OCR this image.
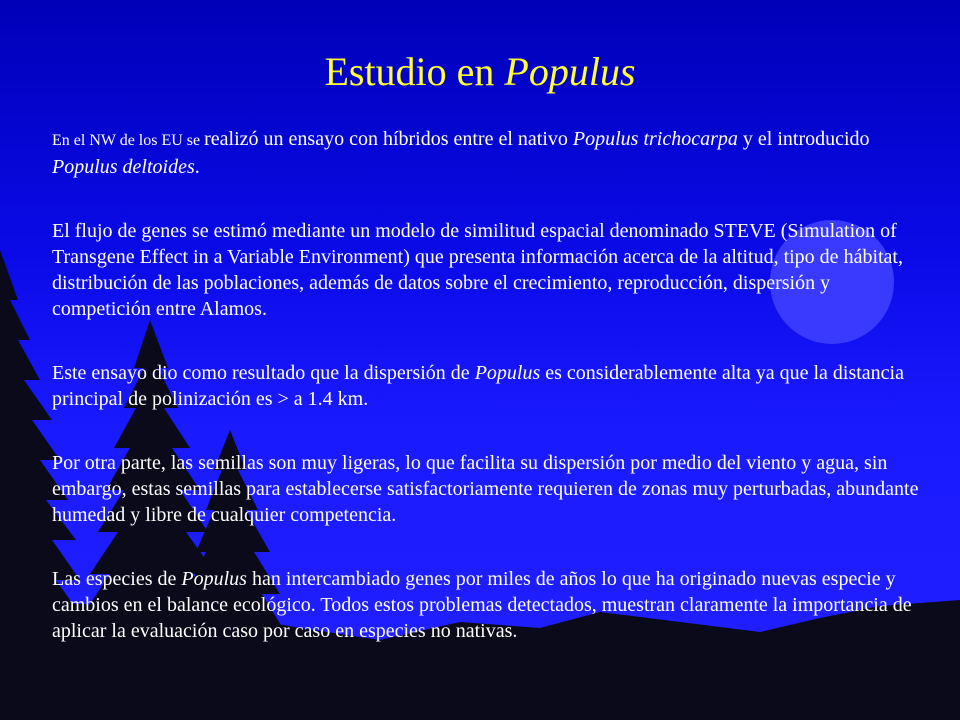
Estudio en Populus

En el NW de los EU se realizó un ensayo con híbridos entre el nativo Populus trichocarpa y el introducido Populus deltoides.

El flujo de genes se estimó mediante un modelo de similitud espacial denominado STEVE (Simulation of Transgene Effect in a Variable Environment) que presenta información acerca de la altitud, tipo de hábitat, distribución de las poblaciones, además de datos sobre el crecimiento, reproducción, dispersión y competición entre Alamos.

Este ensayo dio como resultado que la dispersión de Populus es considerablemente alta ya que la distancia principal de polinización es > a 1.4 km.

Por otra parte, las semillas son muy ligeras, lo que facilita su dispersión por medio del viento y agua, sin embargo, estas semillas para establecerse satisfactoriamente requieren de zonas muy perturbadas, abundante humedad y libre de cualquier competencia.

Las especies de Populus han intercambiado genes por miles de años lo que ha originado nuevas especie y cambios en el balance ecológico. Todos estos problemas detectados, muestran claramente la importancia de aplicar la evaluación caso por caso en especies no nativas.
